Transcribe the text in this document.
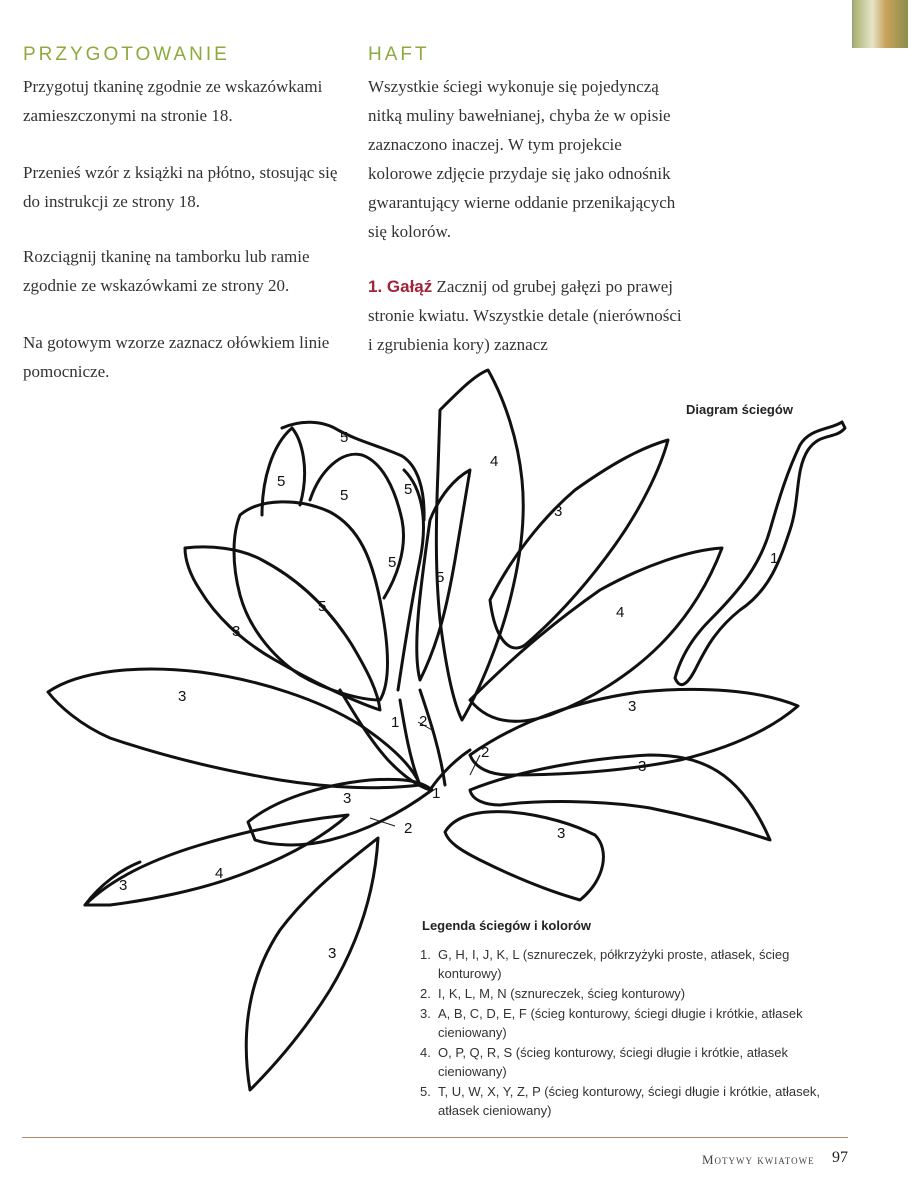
PRZYGOTOWANIE

Przygotuj tkaninę zgodnie ze wskazówkami zamieszczonymi na stronie 18.

Przenieś wzór z książki na płótno, stosując się do instrukcji ze strony 18.

Rozciągnij tkaninę na tamborku lub ramie zgodnie ze wskazówkami ze strony 20.

Na gotowym wzorze zaznacz ołówkiem linie pomocnicze.

HAFT

Wszystkie ściegi wykonuje się pojedynczą nitką muliny bawełnianej, chyba że w opisie zaznaczono inaczej. W tym projekcie kolorowe zdjęcie przydaje się jako odnośnik gwarantujący wierne oddanie przenikających się kolorów.

1. Gałąź Zacznij od grubej gałęzi po prawej stronie kwiatu. Wszystkie detale (nierówności i zgrubienia kory) zaznacz

Diagram ściegów
5
5
5	5
4
5
5
3
5
3
1
4
3
3
1 2
2
3
1
3
2	3
4
3
3
Legenda ściegów i kolorów
1. G, H, I, J, K, L (sznureczek, półkrzyżyki proste, atłasek, ścieg konturowy)
2. I, K, L, M, N (sznureczek, ścieg konturowy)
3. A, B, C, D, E, F (ścieg konturowy, ściegi długie i krótkie, atłasek cieniowany)
4. O, P, Q, R, S (ścieg konturowy, ściegi długie i krótkie, atłasek cieniowany)
5. T, U, W, X, Y, Z, P (ścieg konturowy, ściegi długie i krótkie, atłasek, atłasek cieniowany)
Motywy kwiatowe 97
